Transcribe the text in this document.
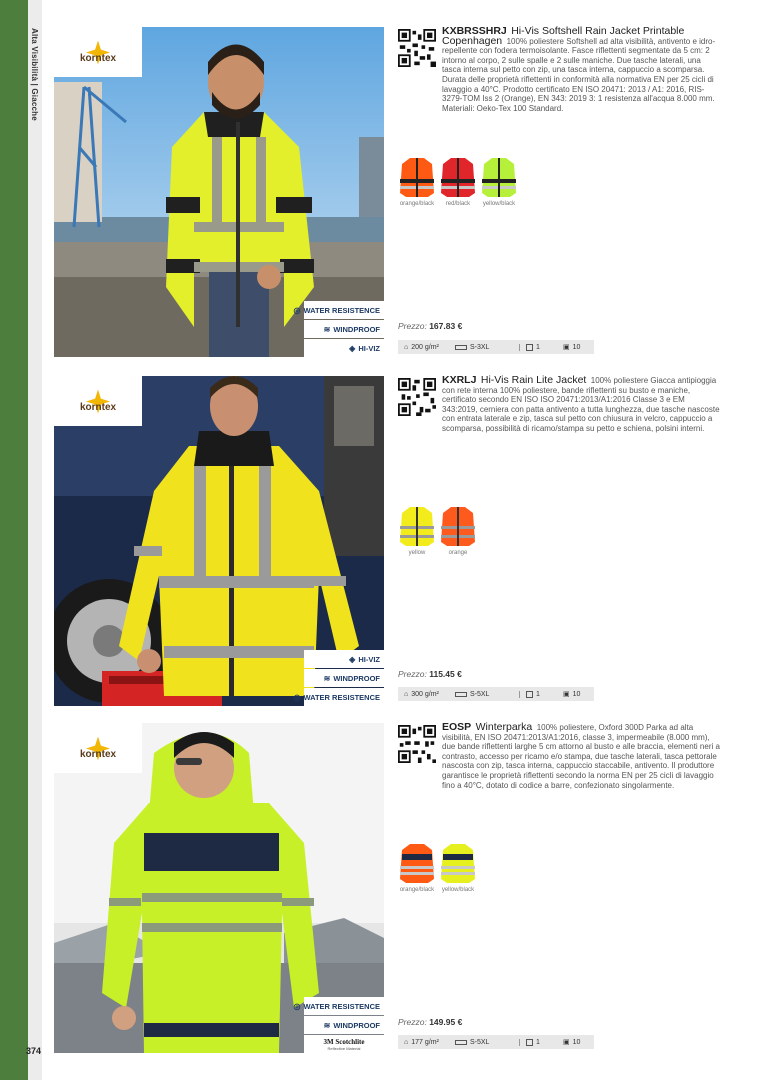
Alta Visibilità | Giacche
374
korntex
◎ WATER RESISTENCE
≋ WINDPROOF
◈ HI-VIZ
KXBRSSHRJ Hi-Vis Softshell Rain Jacket Printable Copenhagen 100% poliestere Softshell ad alta visibilità, antivento e idro-repellente con fodera termoisolante. Fasce riflettenti segmentate da 5 cm: 2 intorno al corpo, 2 sulle spalle e 2 sulle maniche. Due tasche laterali, una tasca interna sul petto con zip, una tasca interna, cappuccio a scomparsa. Durata delle proprietà riflettenti in conformità alla normativa EN per 25 cicli di lavaggio a 40°C. Prodotto certificato EN ISO 20471: 2013 / A1: 2016, RIS-3279-TOM Iss 2 (Orange), EN 343: 2019 3: 1 resistenza all'acqua 8.000 mm. Materiali: Oeko-Tex 100 Standard.
orange/black red/black yellow/black
Prezzo: 167.83 €
⌂ 200 g/m²	S-3XL	1	▣ 10
korntex
◈ HI-VIZ
≋ WINDPROOF
◎ WATER RESISTENCE
KXRLJ Hi-Vis Rain Lite Jacket 100% poliestere Giacca antipioggia con rete interna 100% poliestere, bande riflettenti su busto e maniche, certificato secondo EN ISO ISO 20471:2013/A1:2016 Classe 3 e EM 343:2019, cerniera con patta antivento a tutta lunghezza, due tasche nascoste con entrata laterale e zip, tasca sul petto con chiusura in velcro, cappuccio a scomparsa, possibilità di ricamo/stampa su petto e schiena, polsini interni.
yellow	orange
Prezzo: 115.45 €
⌂ 300 g/m²	S-5XL	1	▣ 10
korntex
◎ WATER RESISTENCE
≋ WINDPROOF
3M Scotchlite
Reflective Material
EOSP Winterparka 100% poliestere, Oxford 300D Parka ad alta visibilità, EN ISO 20471:2013/A1:2016, classe 3, impermeabile (8.000 mm), due bande riflettenti larghe 5 cm attorno al busto e alle braccia, elementi neri a contrasto, accesso per ricamo e/o stampa, due tasche laterali, tasca pettorale nascosta con zip, tasca interna, cappuccio staccabile, antivento. Il produttore garantisce le proprietà riflettenti secondo la norma EN per 25 cicli di lavaggio fino a 40°C, dotato di codice a barre, confezionato singolarmente.
orange/black yellow/black
Prezzo: 149.95 €
⌂ 177 g/m²	S-5XL	1	▣ 10
